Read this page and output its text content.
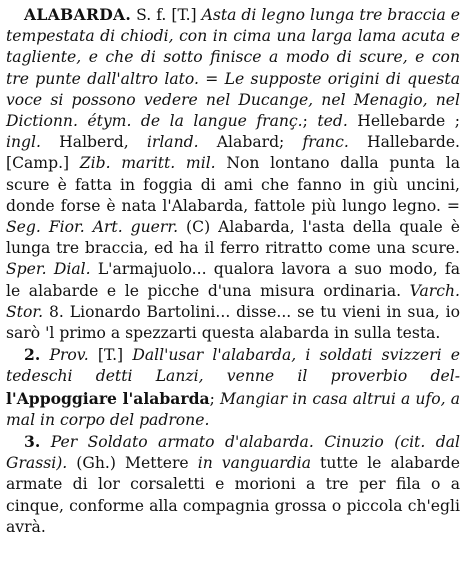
ALABARDA. S. f. [T.] Asta di legno lunga tre braccia e tempestata di chiodi, con in cima una larga lama acuta e tagliente, e che di sotto finisce a modo di scure, e con tre punte dall'altro lato. = Le supposte origini di questa voce si possono vedere nel Ducange, nel Menagio, nel Dictionn. étym. de la langue franç.; ted. Hellebarde ; ingl. Halberd, irland. Alabard; franc. Hallebarde. [Camp.] Zib. maritt. mil. Non lontano dalla punta la scure è fatta in foggia di ami che fanno in giù uncini, donde forse è nata l'Alabarda, fattole più lungo legno. = Seg. Fior. Art. guerr. (C) Alabarda, l'asta della quale è lunga tre braccia, ed ha il ferro ritratto come una scure. Sper. Dial. L'armajuolo... qualora lavora a suo modo, fa le alabarde e le picche d'una misura ordinaria. Varch. Stor. 8. Lionardo Bartolini... disse... se tu vieni in sua, io sarò 'l primo a spezzarti questa alabarda in sulla testa.

2. Prov. [T.] Dall'usar l'alabarda, i soldati svizzeri e tedeschi detti Lanzi, venne il proverbio del-l'Appoggiare l'alabarda; Mangiar in casa altrui a ufo, a mal in corpo del padrone.

3. Per Soldato armato d'alabarda. Cinuzio (cit. dal Grassi). (Gh.) Mettere in vanguardia tutte le alabarde armate di lor corsaletti e morioni a tre per fila o a cinque, conforme alla compagnia grossa o piccola ch'egli avrà.
